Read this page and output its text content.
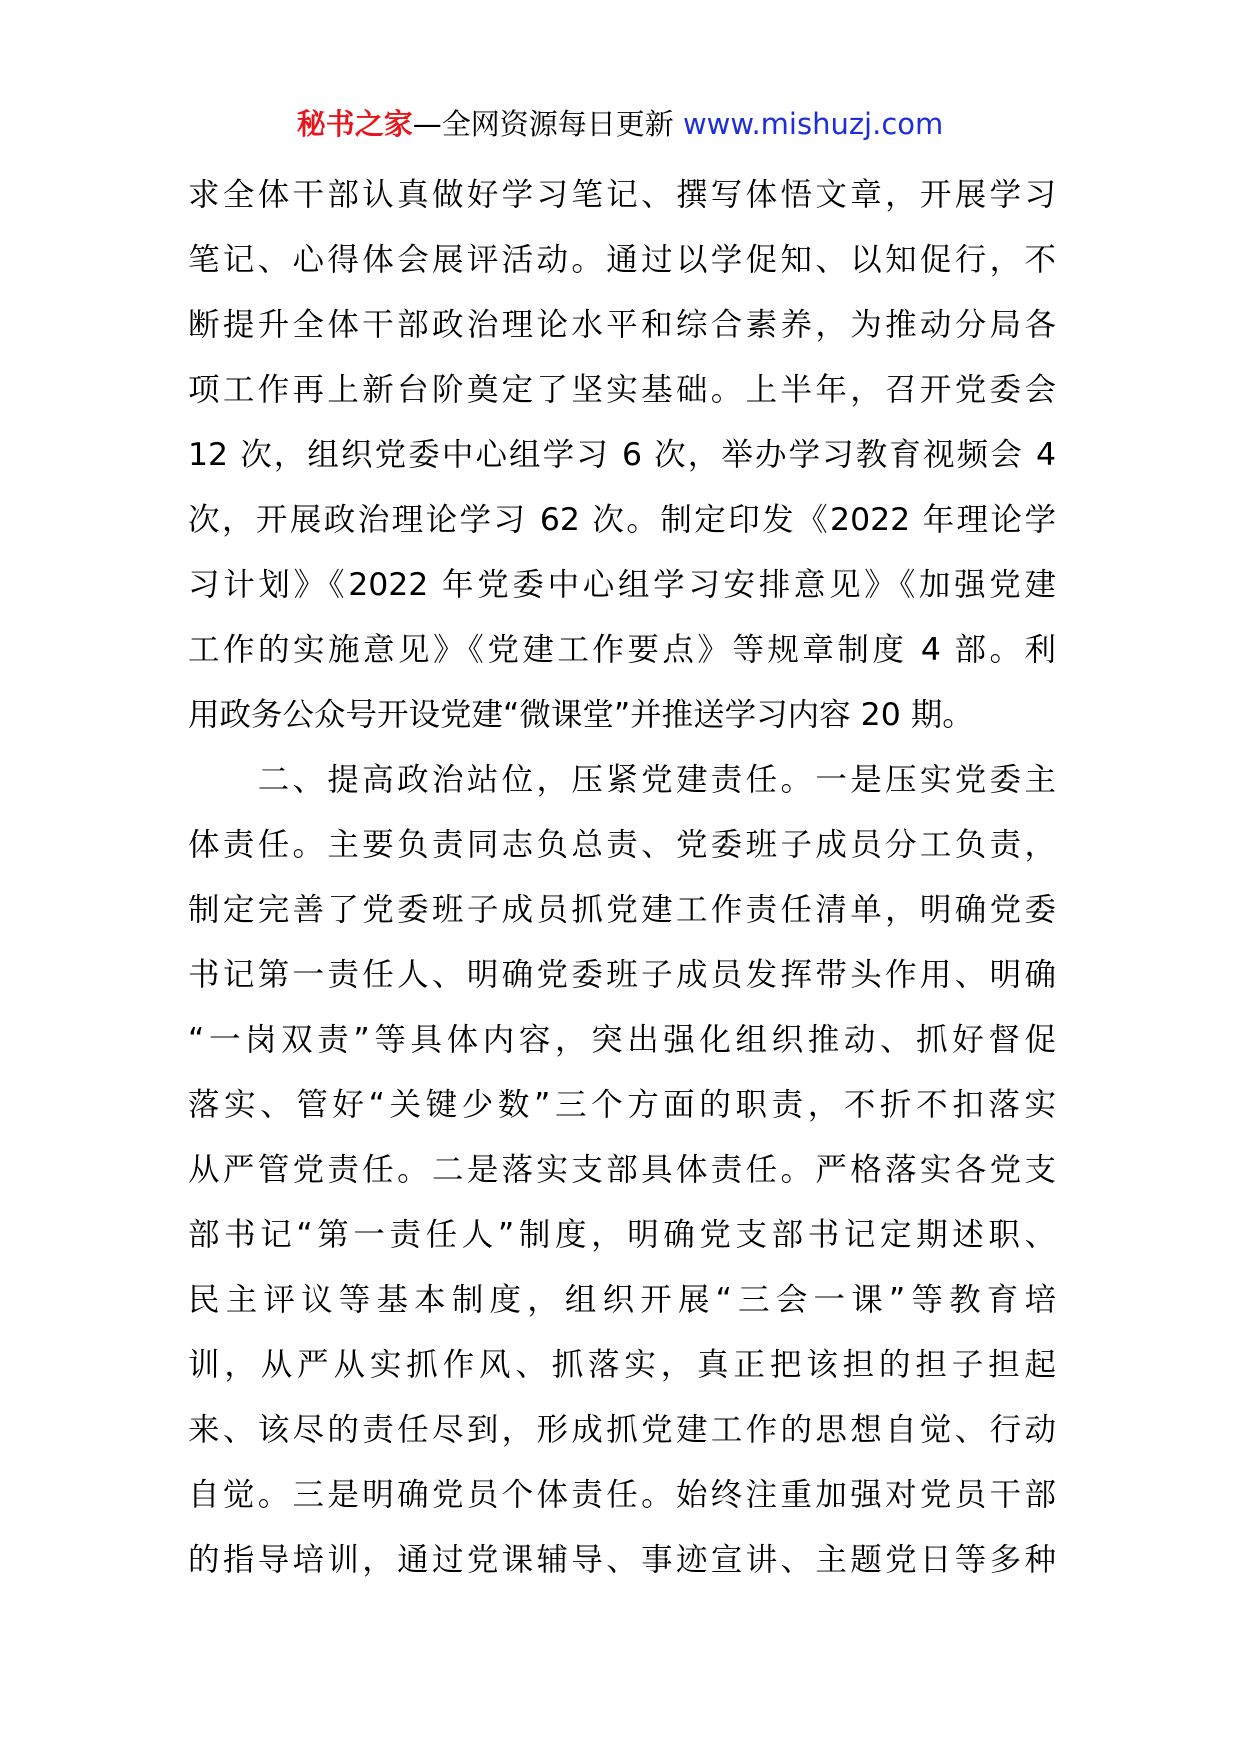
秘书之家—全网资源每日更新 www.mishuzj.com
求全体干部认真做好学习笔记、撰写体悟文章，开展学习
笔记、心得体会展评活动。通过以学促知、以知促行，不
断提升全体干部政治理论水平和综合素养，为推动分局各
项工作再上新台阶奠定了坚实基础。上半年，召开党委会
12 次，组织党委中心组学习 6 次，举办学习教育视频会 4
次，开展政治理论学习 62 次。制定印发《2022 年理论学
习计划》《2022 年党委中心组学习安排意见》《加强党建
工作的实施意见》《党建工作要点》等规章制度 4 部。利
用政务公众号开设党建“微课堂”并推送学习内容 20 期。
　　二、提高政治站位，压紧党建责任。一是压实党委主
体责任。主要负责同志负总责、党委班子成员分工负责，
制定完善了党委班子成员抓党建工作责任清单，明确党委
书记第一责任人、明确党委班子成员发挥带头作用、明确
“一岗双责”等具体内容，突出强化组织推动、抓好督促
落实、管好“关键少数”三个方面的职责，不折不扣落实
从严管党责任。二是落实支部具体责任。严格落实各党支
部书记“第一责任人”制度，明确党支部书记定期述职、
民主评议等基本制度，组织开展“三会一课”等教育培
训，从严从实抓作风、抓落实，真正把该担的担子担起
来、该尽的责任尽到，形成抓党建工作的思想自觉、行动
自觉。三是明确党员个体责任。始终注重加强对党员干部
的指导培训，通过党课辅导、事迹宣讲、主题党日等多种
